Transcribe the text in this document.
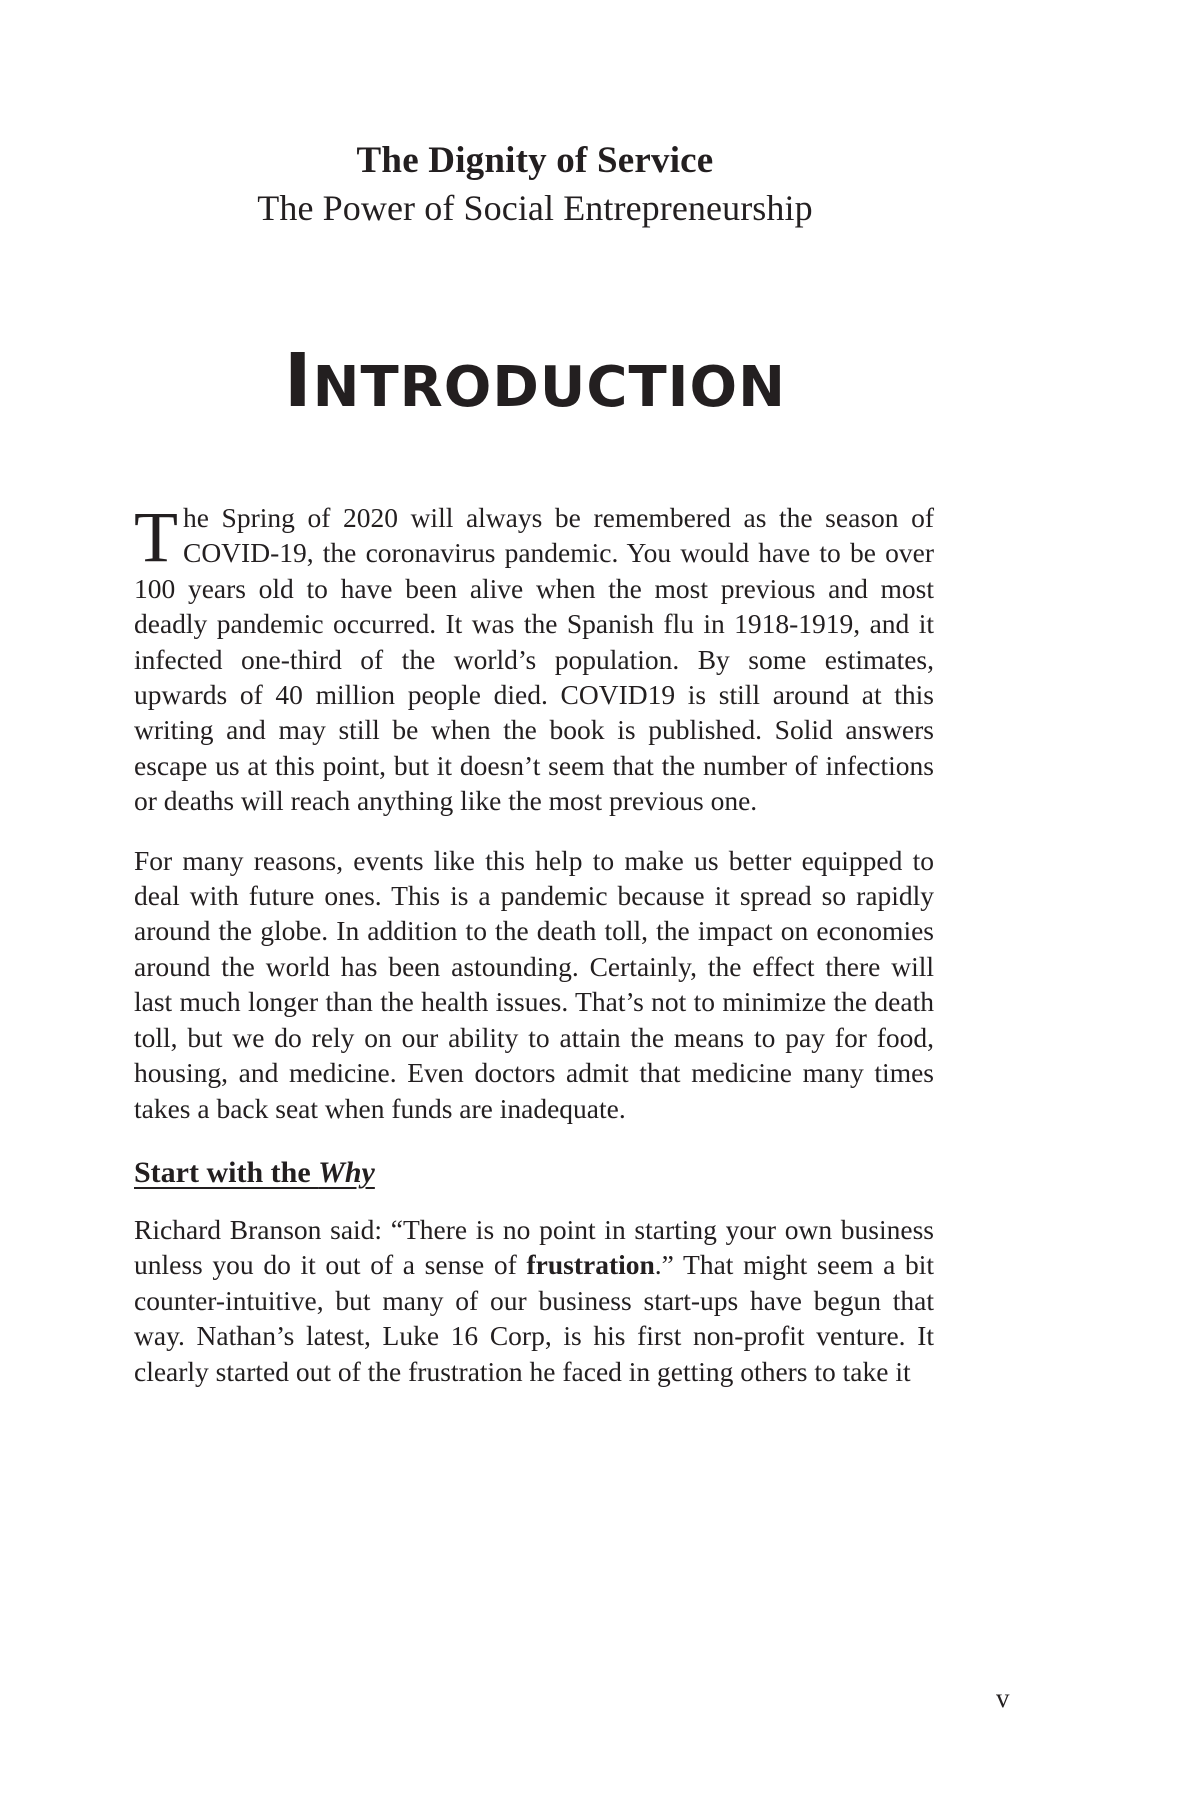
The Dignity of Service
The Power of Social Entrepreneurship
INTRODUCTION

The Spring of 2020 will always be remembered as the season of COVID-19, the coronavirus pandemic. You would have to be over 100 years old to have been alive when the most previous and most deadly pandemic occurred. It was the Spanish flu in 1918-1919, and it infected one-third of the world’s population. By some estimates, upwards of 40 million people died. COVID19 is still around at this writing and may still be when the book is published. Solid answers escape us at this point, but it doesn’t seem that the number of infections or deaths will reach anything like the most previous one.

For many reasons, events like this help to make us better equipped to deal with future ones. This is a pandemic because it spread so rapidly around the globe. In addition to the death toll, the impact on economies around the world has been astounding. Certainly, the effect there will last much longer than the health issues. That’s not to minimize the death toll, but we do rely on our ability to attain the means to pay for food, housing, and medicine. Even doctors admit that medicine many times takes a back seat when funds are inadequate.

Start with the Why

Richard Branson said: “There is no point in starting your own business unless you do it out of a sense of frustration.” That might seem a bit counter-intuitive, but many of our business start-ups have begun that way. Nathan’s latest, Luke 16 Corp, is his first non-profit venture. It clearly started out of the frustration he faced in getting others to take it

v
